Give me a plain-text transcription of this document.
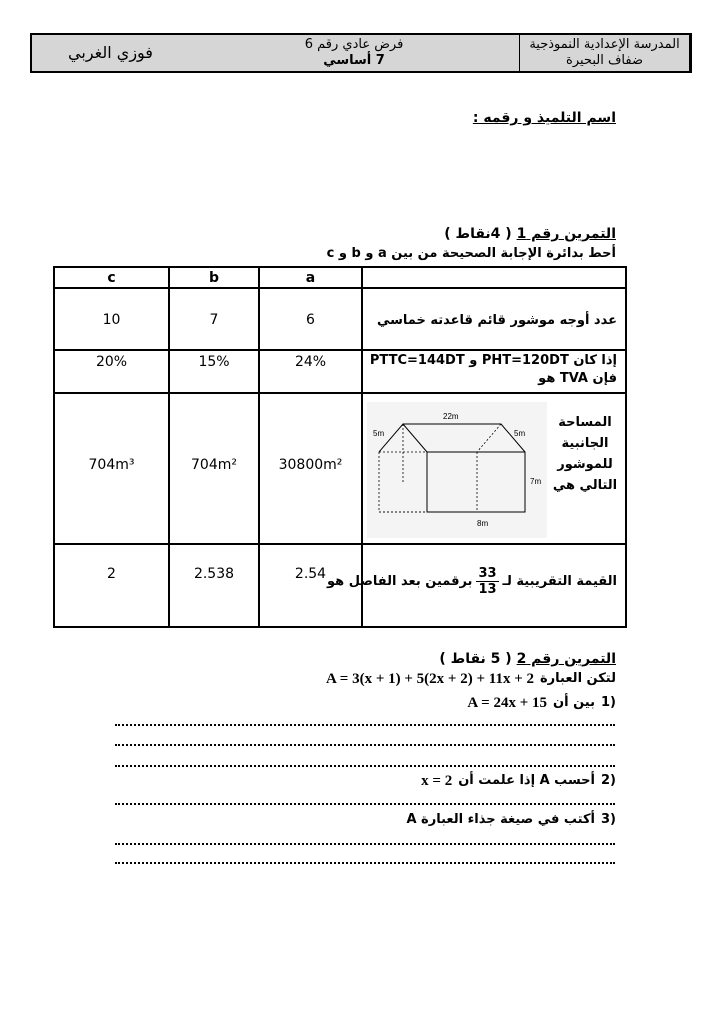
فوزي الغربي	فرض عادي رقم 6
7 أساسي
المدرسة الإعدادية النموذجية
ضفاف البحيرة
اسم التلميذ و رقمه :
التمرين رقم 1 ( 4نقاط )
أحط بدائرة الإجابة الصحيحة من بين a و b و c
c	b	a
10	7	6	عدد أوجه موشور قائم قاعدته خماسي
20%	15%	24%	إذا كان PHT=120DT و PTTC=144DT
فإن TVA هو
704m³	704m²	30800m²
المساحة
الجانبية
للموشور
التالي هي
22m
5m	5m
7m
8m
2	2.538	2.54	القيمة التقريبية لـ
$\frac{33}{13}$
برقمين بعد الفاصل هو
التمرين رقم 2 ( 5 نقاط )
لتكن العبارة
A = 3(x + 1) + 5(2x + 2) + 11x + 2
1)
بين أن
A = 24x + 15
2)
أحسب A إذا علمت أن
x = 2
3)
أكتب في صيغة جذاء العبارة A
